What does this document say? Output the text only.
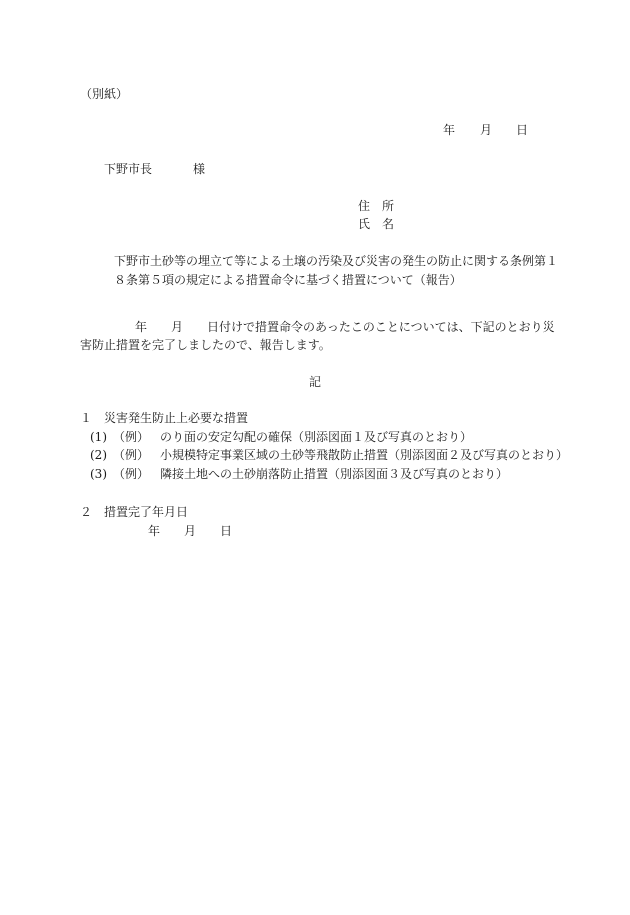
（別紙）
年 月 日
下野市長	様
住　所
氏　名
下野市土砂等の埋立て等による土壌の汚染及び災害の発生の防止に関する条例第１
８条第５項の規定による措置命令に基づく措置について（報告）
年 月 日付けで措置命令のあったこのことについては、下記のとおり災
害防止措置を完了しましたので、報告します。
記
１　災害発生防止上必要な措置
(1) （例） のり面の安定勾配の確保（別添図面１及び写真のとおり）
(2) （例） 小規模特定事業区域の土砂等飛散防止措置（別添図面２及び写真のとおり）
(3) （例） 隣接土地への土砂崩落防止措置（別添図面３及び写真のとおり）
２　措置完了年月日
年 月 日
